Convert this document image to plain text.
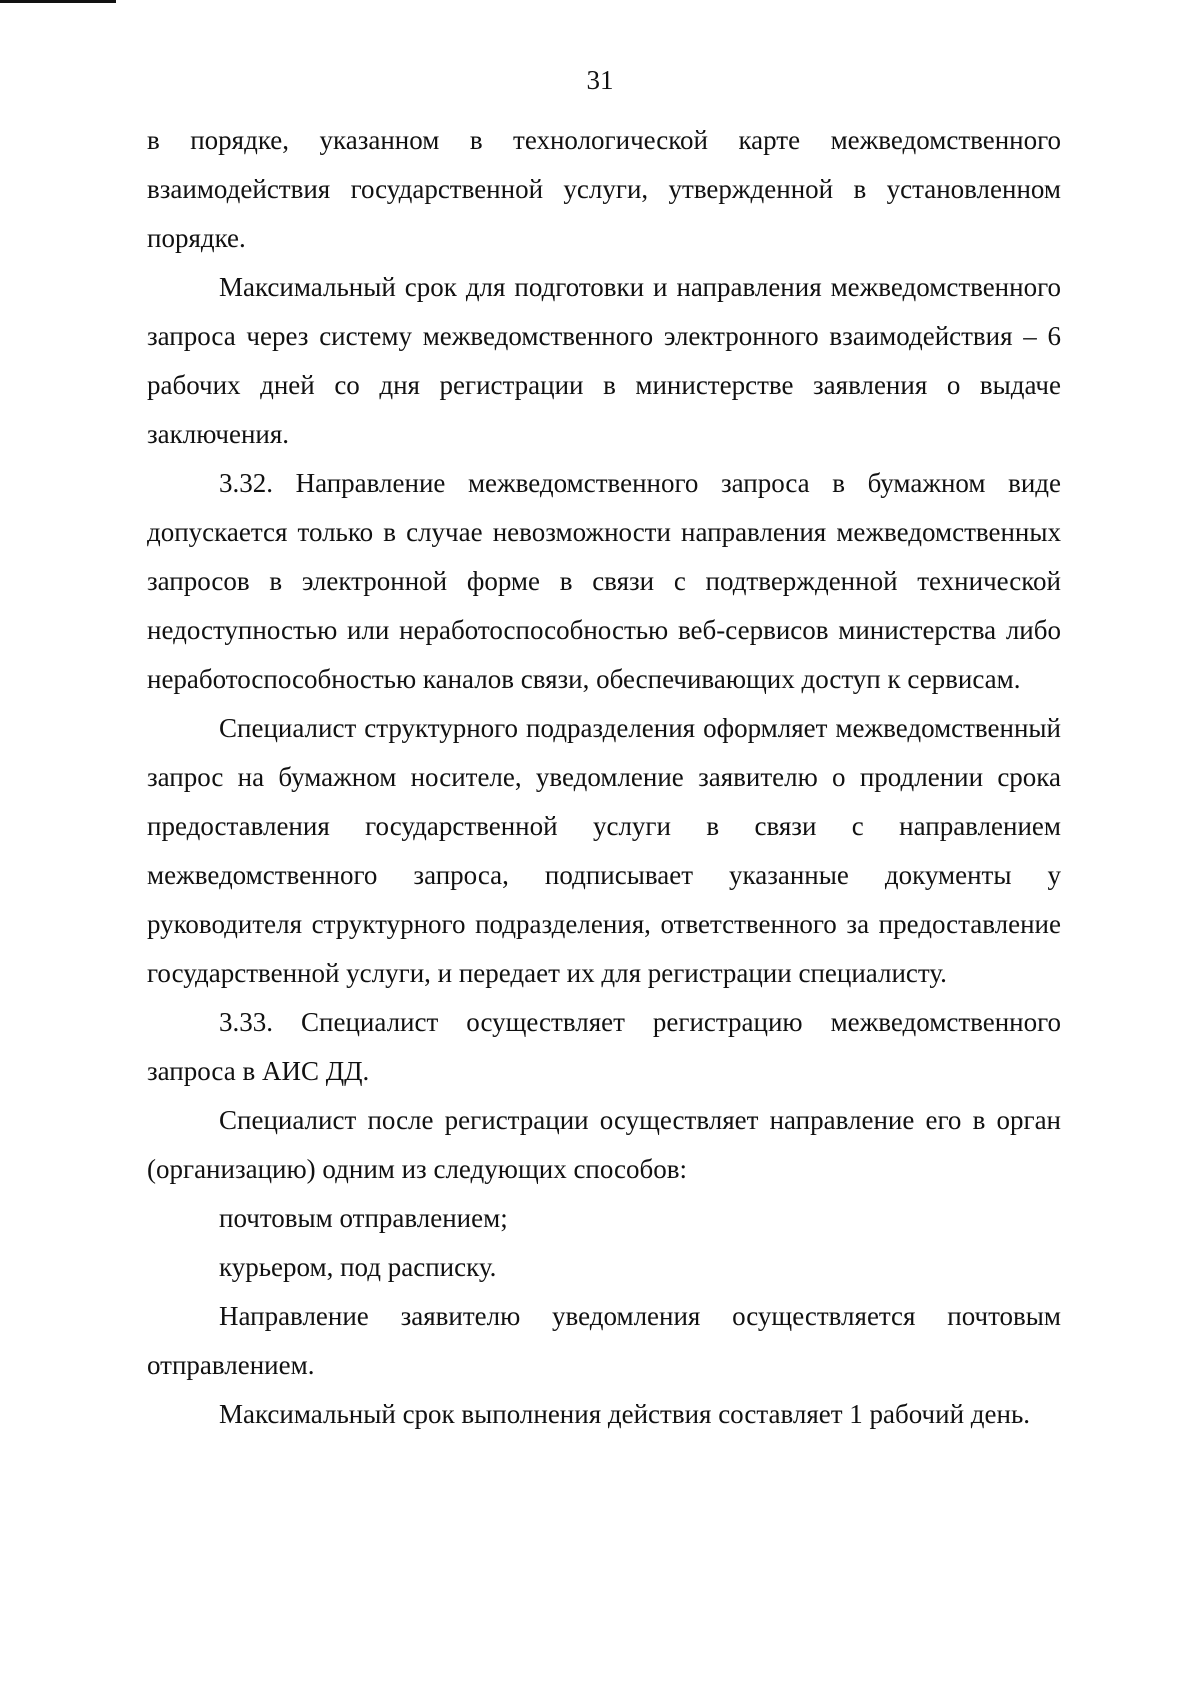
31

в порядке, указанном в технологической карте межведомственного взаимодействия государственной услуги, утвержденной в установленном порядке.

Максимальный срок для подготовки и направления межведомственного запроса через систему межведомственного электронного взаимодействия – 6 рабочих дней со дня регистрации в министерстве заявления о выдаче заключения.

3.32. Направление межведомственного запроса в бумажном виде допускается только в случае невозможности направления межведомственных запросов в электронной форме в связи с подтвержденной технической недоступностью или неработоспособностью веб-сервисов министерства либо неработоспособностью каналов связи, обеспечивающих доступ к сервисам.

Специалист структурного подразделения оформляет межведомственный запрос на бумажном носителе, уведомление заявителю о продлении срока предоставления государственной услуги в связи с направлением межведомственного запроса, подписывает указанные документы у руководителя структурного подразделения, ответственного за предоставление государственной услуги, и передает их для регистрации специалисту.

3.33. Специалист осуществляет регистрацию межведомственного запроса в АИС ДД.

Специалист после регистрации осуществляет направление его в орган (организацию) одним из следующих способов:

почтовым отправлением;

курьером, под расписку.

Направление заявителю уведомления осуществляется почтовым отправлением.

Максимальный срок выполнения действия составляет 1 рабочий день.
